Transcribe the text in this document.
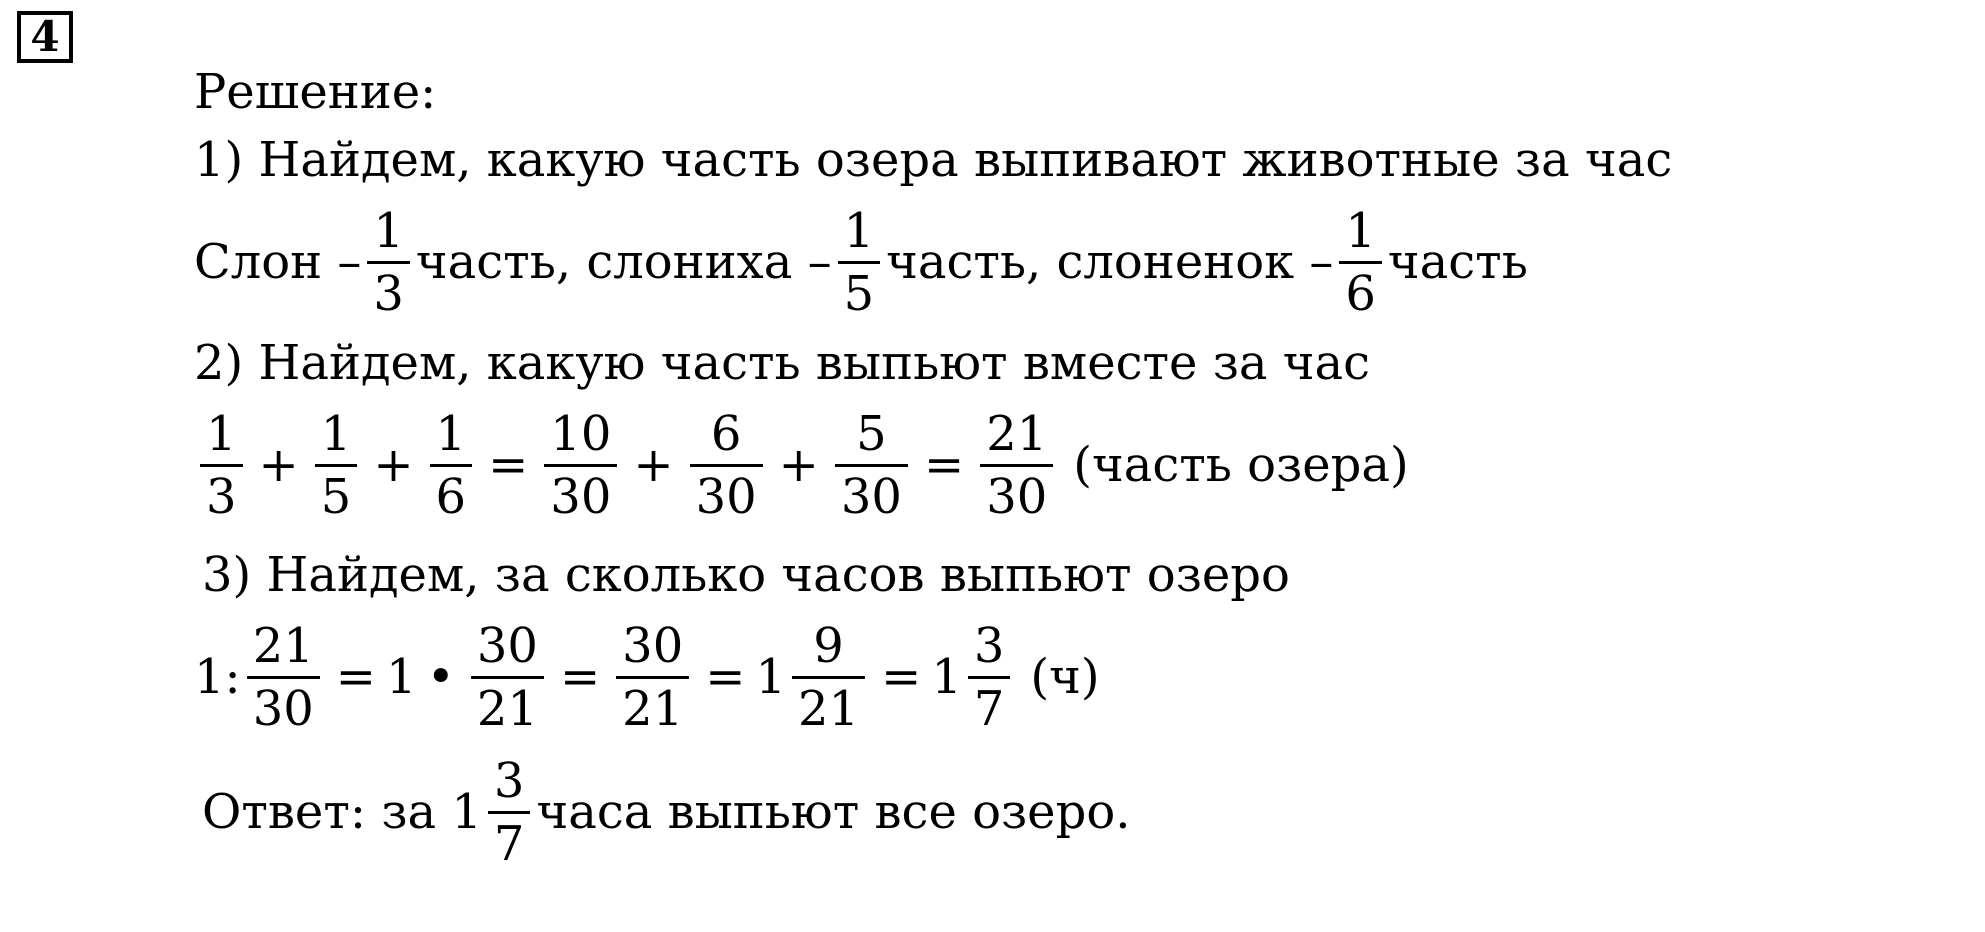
4
Решение:
1) Найдем, какую часть озера выпивают животные за час
Слон – $\frac{1}{3}$ часть, слониха – $\frac{1}{5}$ часть, слоненок – $\frac{1}{6}$ часть
2) Найдем, какую часть выпьют вместе за час
$\frac{1}{3} + \frac{1}{5} + \frac{1}{6} = \frac{10}{30} + \frac{6}{30} + \frac{5}{30} = \frac{21}{30}$ (часть озера)
3) Найдем, за сколько часов выпьют озеро
1: $\frac{21}{30} = 1$ • $\frac{30}{21} = \frac{30}{21} = 1 \frac{9}{21} = 1 \frac{3}{7} (ч)$
Ответ: за $1 \frac{3}{7}$ часа выпьют все озеро.
